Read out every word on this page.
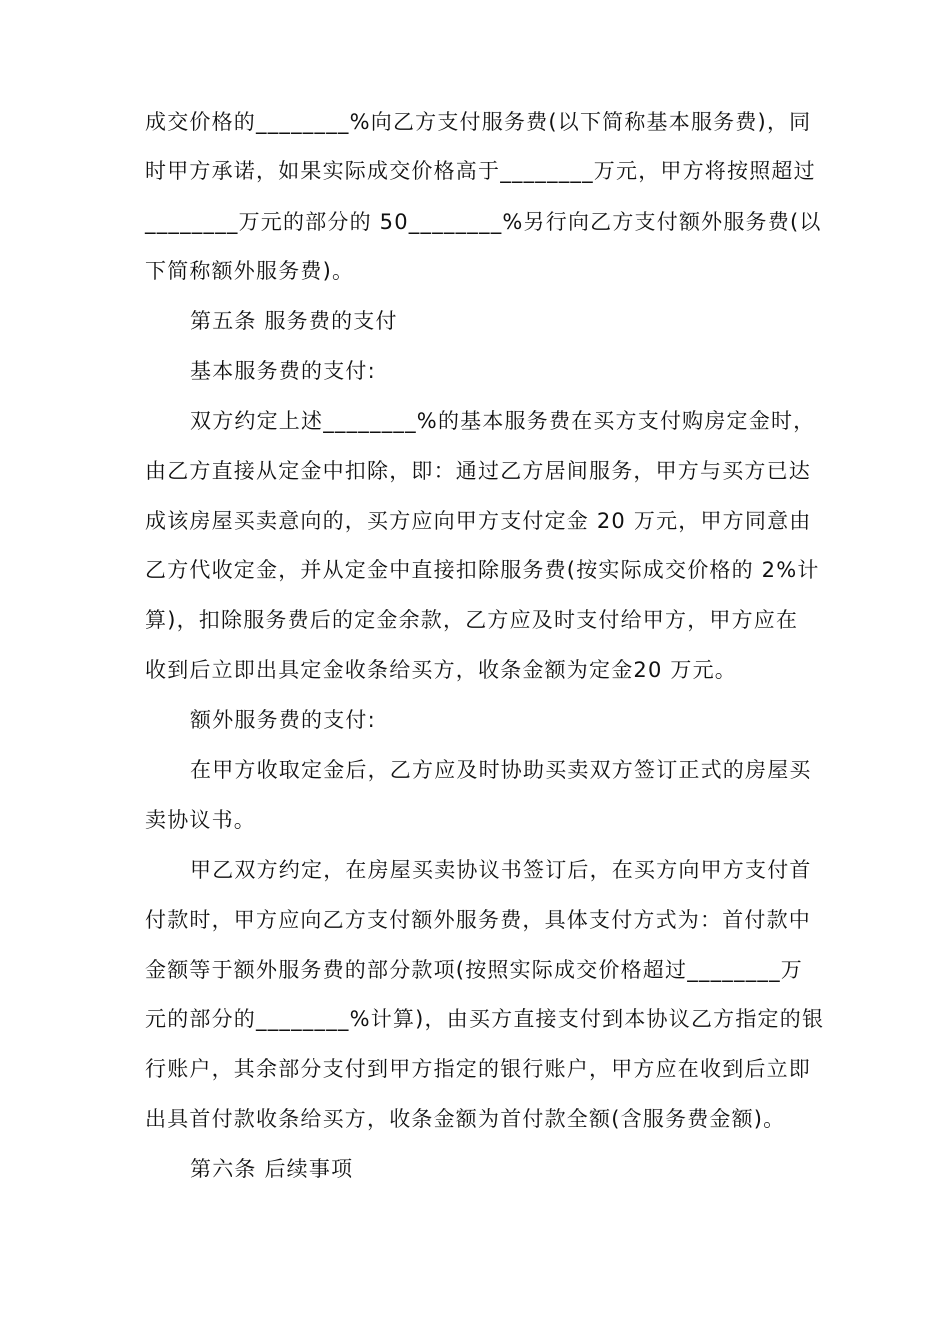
成交价格的________%向乙方支付服务费(以下简称基本服务费)，同
时甲方承诺，如果实际成交价格高于________万元，甲方将按照超过
________万元的部分的 50________%另行向乙方支付额外服务费(以
下简称额外服务费)。
第五条 服务费的支付
基本服务费的支付:
双方约定上述________%的基本服务费在买方支付购房定金时，
由乙方直接从定金中扣除，即：通过乙方居间服务，甲方与买方已达
成该房屋买卖意向的，买方应向甲方支付定金 20 万元，甲方同意由
乙方代收定金，并从定金中直接扣除服务费(按实际成交价格的 2%计
算)，扣除服务费后的定金余款，乙方应及时支付给甲方，甲方应在
收到后立即出具定金收条给买方，收条金额为定金20 万元。
额外服务费的支付:
在甲方收取定金后，乙方应及时协助买卖双方签订正式的房屋买
卖协议书。
甲乙双方约定，在房屋买卖协议书签订后，在买方向甲方支付首
付款时，甲方应向乙方支付额外服务费，具体支付方式为：首付款中
金额等于额外服务费的部分款项(按照实际成交价格超过________万
元的部分的________%计算)，由买方直接支付到本协议乙方指定的银
行账户，其余部分支付到甲方指定的银行账户，甲方应在收到后立即
出具首付款收条给买方，收条金额为首付款全额(含服务费金额)。
第六条 后续事项
